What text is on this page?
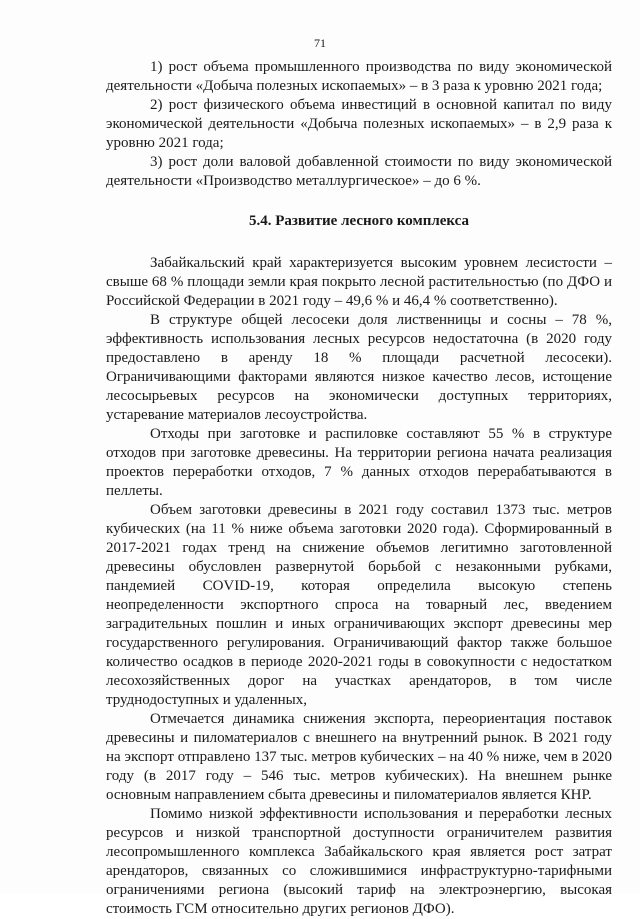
71

1) рост объема промышленного производства по виду экономической деятельности «Добыча полезных ископаемых» – в 3 раза к уровню 2021 года;

2) рост физического объема инвестиций в основной капитал по виду экономической деятельности «Добыча полезных ископаемых» – в 2,9 раза к уровню 2021 года;

3) рост доли валовой добавленной стоимости по виду экономической деятельности «Производство металлургическое» – до 6 %.

5.4. Развитие лесного комплекса

Забайкальский край характеризуется высоким уровнем лесистости – свыше 68 % площади земли края покрыто лесной растительностью (по ДФО и Российской Федерации в 2021 году – 49,6 % и 46,4 % соответственно).

В структуре общей лесосеки доля лиственницы и сосны – 78 %, эффективность использования лесных ресурсов недостаточна (в 2020 году предоставлено в аренду 18 % площади расчетной лесосеки). Ограничивающими факторами являются низкое качество лесов, истощение лесосырьевых ресурсов на экономически доступных территориях, устаревание материалов лесоустройства.

Отходы при заготовке и распиловке составляют 55 % в структуре отходов при заготовке древесины. На территории региона начата реализация проектов переработки отходов, 7 % данных отходов перерабатываются в пеллеты.

Объем заготовки древесины в 2021 году составил 1373 тыс. метров кубических (на 11 % ниже объема заготовки 2020 года). Сформированный в 2017-2021 годах тренд на снижение объемов легитимно заготовленной древесины обусловлен развернутой борьбой с незаконными рубками, пандемией COVID-19, которая определила высокую степень неопределенности экспортного спроса на товарный лес, введением заградительных пошлин и иных ограничивающих экспорт древесины мер государственного регулирования. Ограничивающий фактор также большое количество осадков в периоде 2020-2021 годы в совокупности с недостатком лесохозяйственных дорог на участках арендаторов, в том числе труднодоступных и удаленных,

Отмечается динамика снижения экспорта, переориентация поставок древесины и пиломатериалов с внешнего на внутренний рынок. В 2021 году на экспорт отправлено 137 тыс. метров кубических – на 40 % ниже, чем в 2020 году (в 2017 году – 546 тыс. метров кубических). На внешнем рынке основным направлением сбыта древесины и пиломатериалов является КНР.

Помимо низкой эффективности использования и переработки лесных ресурсов и низкой транспортной доступности ограничителем развития лесопромышленного комплекса Забайкальского края является рост затрат арендаторов, связанных со сложившимися инфраструктурно-тарифными ограничениями региона (высокий тариф на электроэнергию, высокая стоимость ГСМ относительно других регионов ДФО).
